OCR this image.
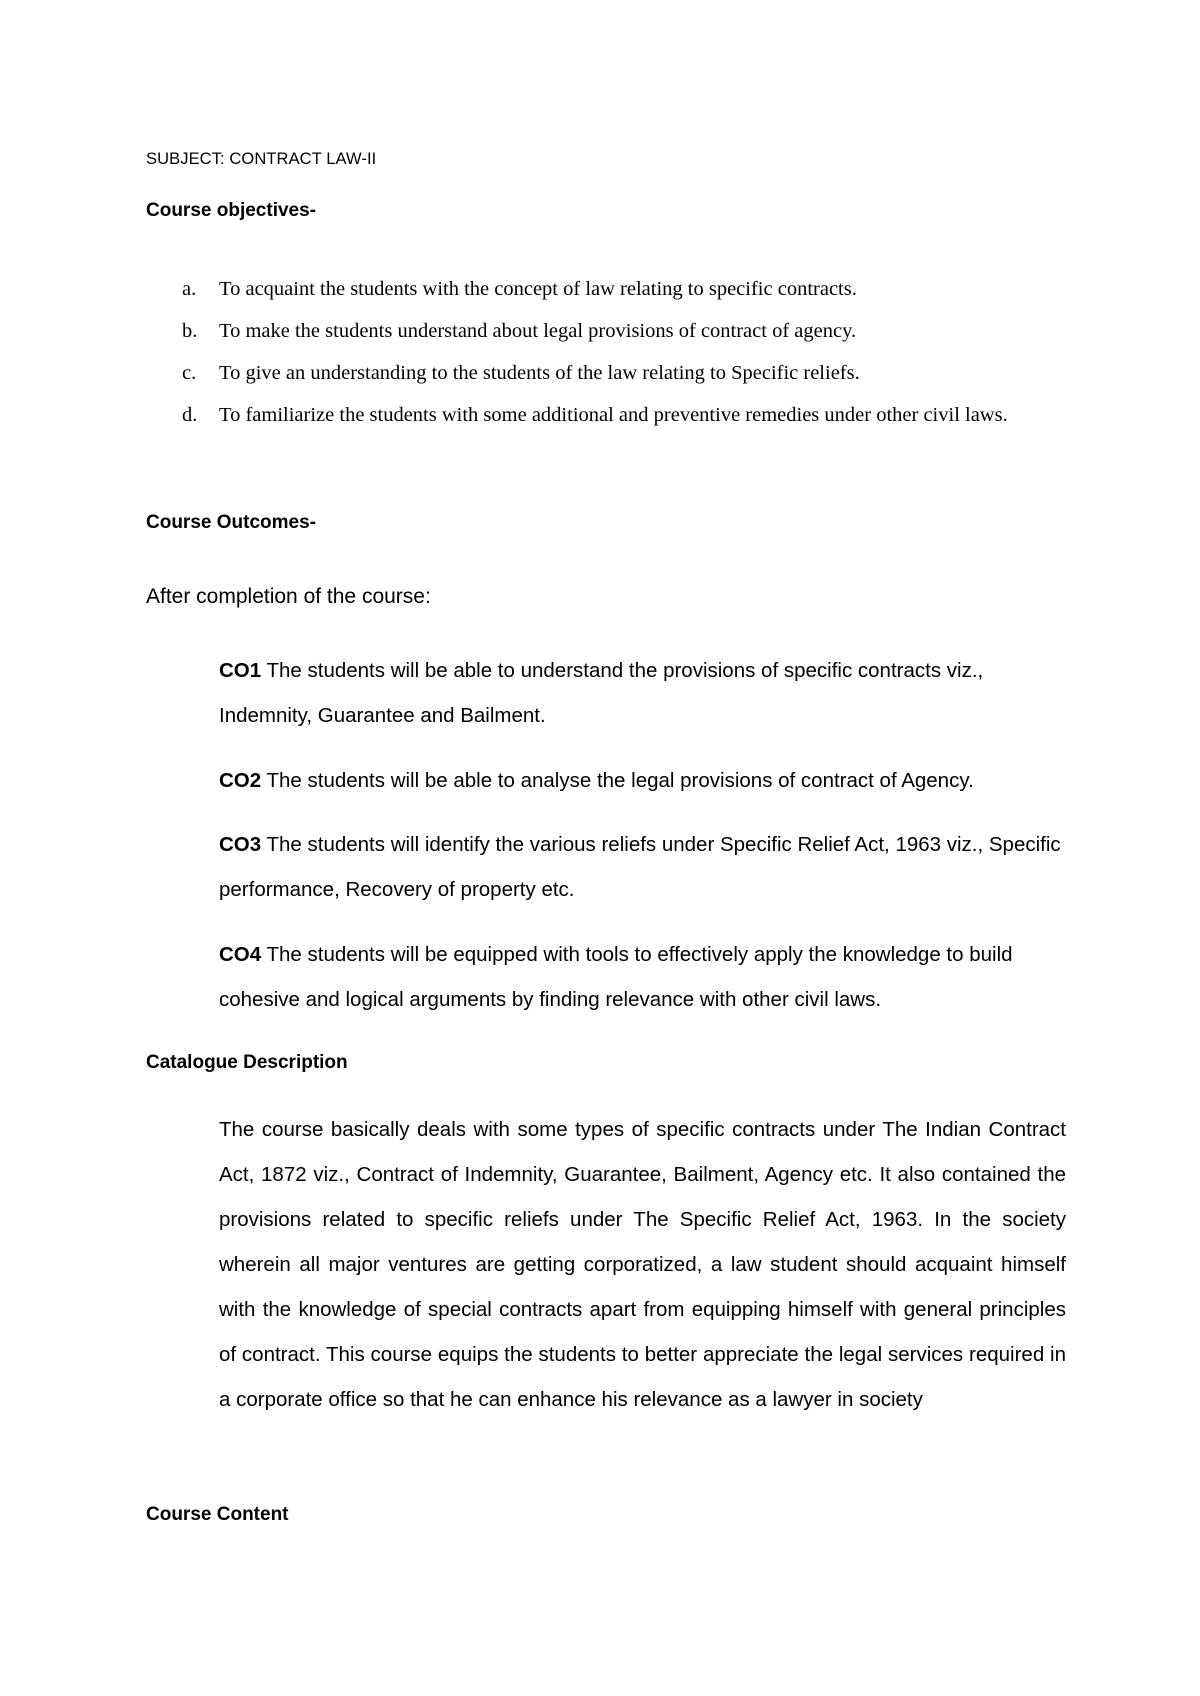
SUBJECT: CONTRACT LAW-II
Course objectives-
a. To acquaint the students with the concept of law relating to specific contracts.
b. To make the students understand about legal provisions of contract of agency.
c. To give an understanding to the students of the law relating to Specific reliefs.
d. To familiarize the students with some additional and preventive remedies under other civil laws.
Course Outcomes-
After completion of the course:
CO1 The students will be able to understand the provisions of specific contracts viz., Indemnity, Guarantee and Bailment.
CO2 The students will be able to analyse the legal provisions of contract of Agency.
CO3 The students will identify the various reliefs under Specific Relief Act, 1963 viz., Specific performance, Recovery of property etc.
CO4 The students will be equipped with tools to effectively apply the knowledge to build cohesive and logical arguments by finding relevance with other civil laws.
Catalogue Description

The course basically deals with some types of specific contracts under The Indian Contract Act, 1872 viz., Contract of Indemnity, Guarantee, Bailment, Agency etc. It also contained the provisions related to specific reliefs under The Specific Relief Act, 1963. In the society wherein all major ventures are getting corporatized, a law student should acquaint himself with the knowledge of special contracts apart from equipping himself with general principles of contract. This course equips the students to better appreciate the legal services required in a corporate office so that he can enhance his relevance as a lawyer in society

Course Content
